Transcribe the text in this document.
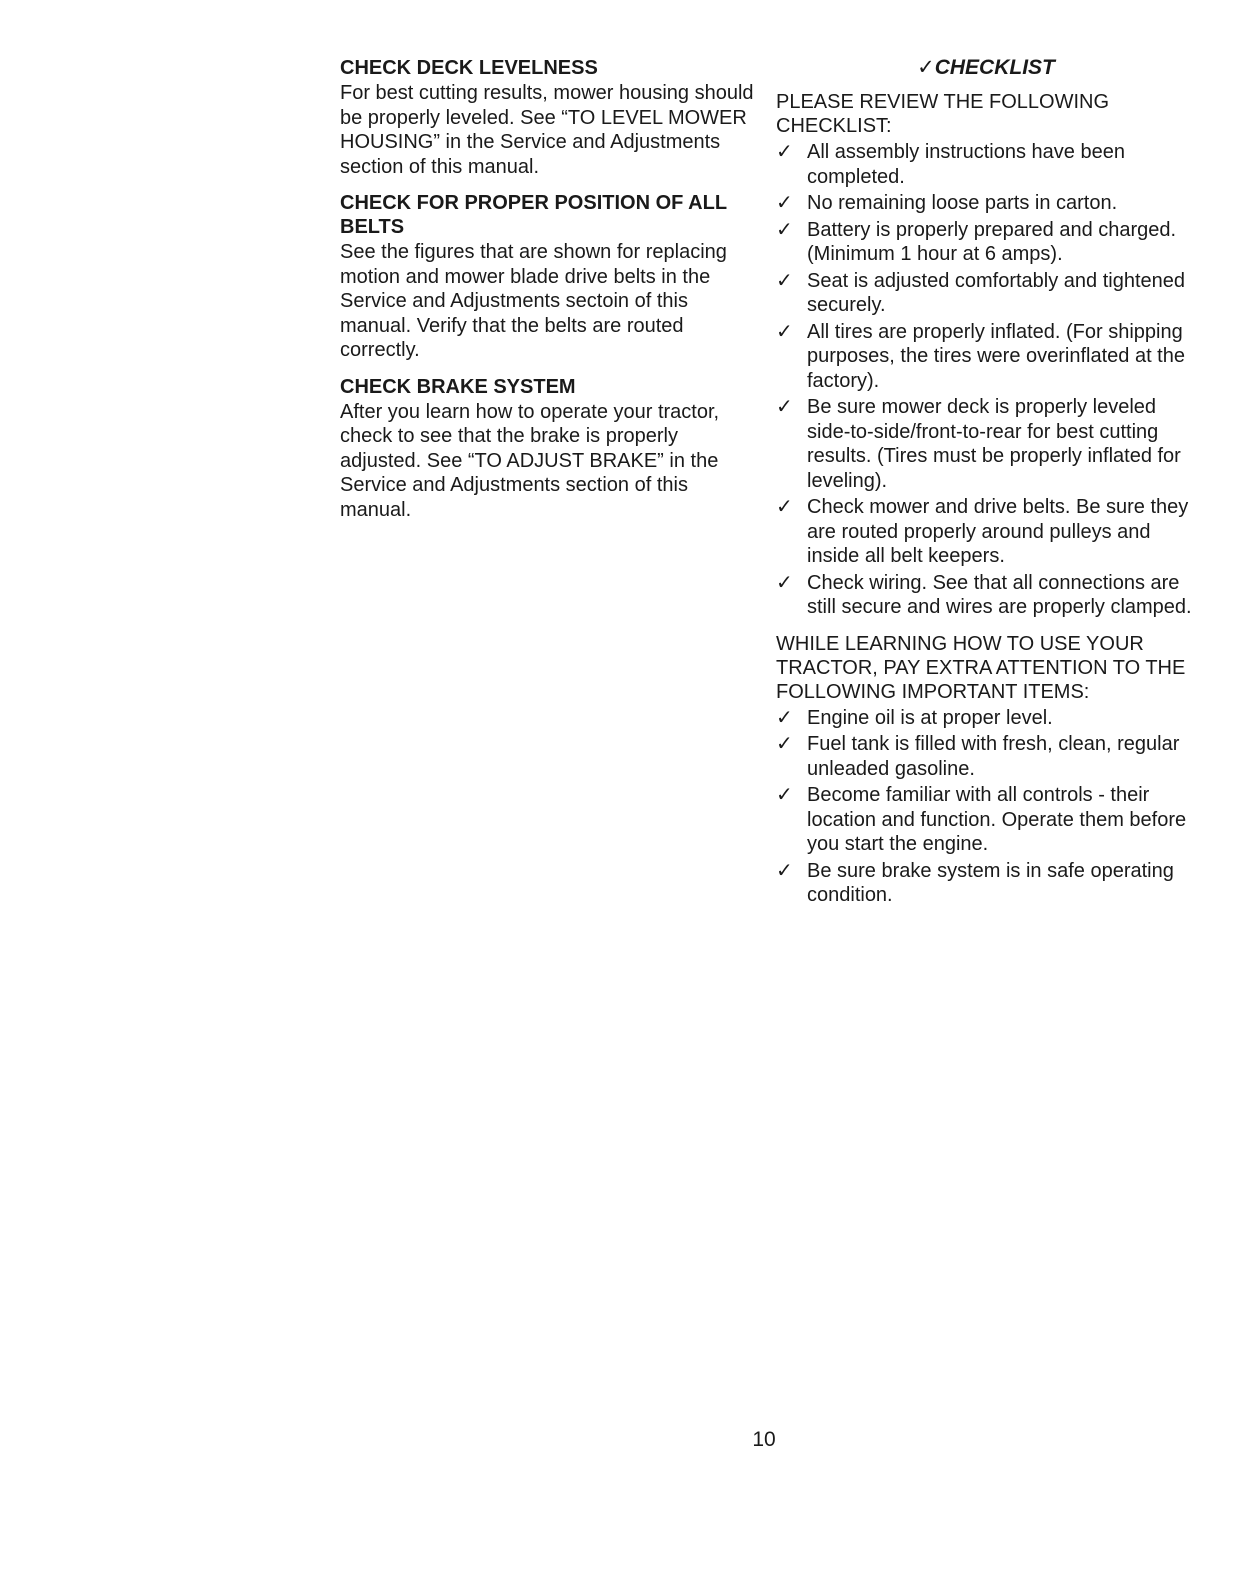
CHECK DECK LEVELNESS

For best cutting results, mower housing should be properly leveled. See “TO LEVEL MOWER HOUSING” in the Service and Adjustments section of this manual.

CHECK FOR PROPER POSITION OF ALL BELTS

See the figures that are shown for replacing motion and mower blade drive belts in the Service and Adjustments sectoin of this manual. Verify that the belts are routed correctly.

CHECK BRAKE SYSTEM

After you learn how to operate your tractor, check to see that the brake is properly adjusted. See “TO ADJUST BRAKE” in the Service and Adjustments section of this manual.

✓CHECKLIST

PLEASE REVIEW THE FOLLOWING CHECKLIST:

✓ All assembly instructions have been completed.
✓ No remaining loose parts in carton.
✓ Battery is properly prepared and charged. (Minimum 1 hour at 6 amps).
✓ Seat is adjusted comfortably and tightened securely.
✓ All tires are properly inflated. (For shipping purposes, the tires were overinflated at the factory).
✓ Be sure mower deck is properly leveled side-to-side/front-to-rear for best cutting results. (Tires must be properly inflated for leveling).
✓ Check mower and drive belts. Be sure they are routed properly around pulleys and inside all belt keepers.
✓ Check wiring. See that all connections are still secure and wires are properly clamped.

WHILE LEARNING HOW TO USE YOUR TRACTOR, PAY EXTRA ATTENTION TO THE FOLLOWING IMPORTANT ITEMS:

✓ Engine oil is at proper level.
✓ Fuel tank is filled with fresh, clean, regular unleaded gasoline.
✓ Become familiar with all controls - their location and function. Operate them before you start the engine.
✓ Be sure brake system is in safe operating condition.
10
